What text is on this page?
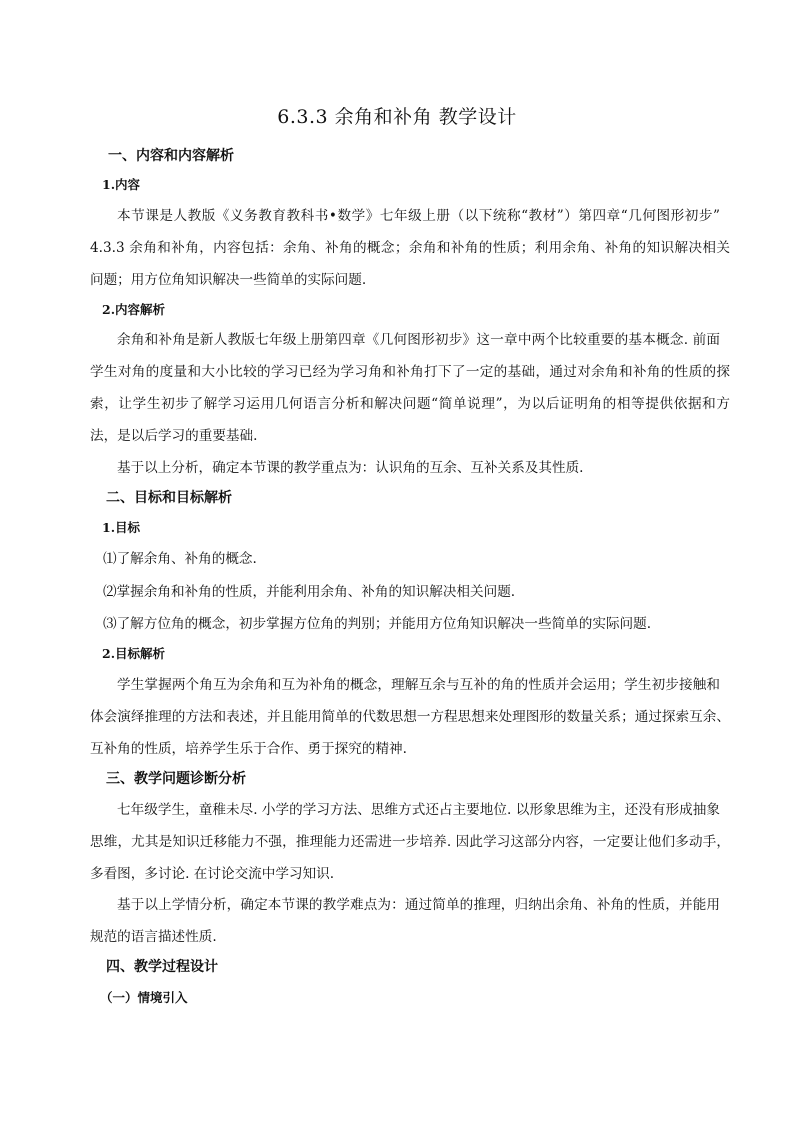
6.3.3 余角和补角 教学设计
一、内容和内容解析
1.内容
本节课是人教版《义务教育教科书•数学》七年级上册（以下统称“教材”）第四章“几何图形初步”
4.3.3 余角和补角，内容包括：余角、补角的概念；余角和补角的性质；利用余角、补角的知识解决相关
问题；用方位角知识解决一些简单的实际问题.
2.内容解析
余角和补角是新人教版七年级上册第四章《几何图形初步》这一章中两个比较重要的基本概念. 前面
学生对角的度量和大小比较的学习已经为学习角和补角打下了一定的基础，通过对余角和补角的性质的探
索，让学生初步了解学习运用几何语言分析和解决问题“简单说理”，为以后证明角的相等提供依据和方
法，是以后学习的重要基础.
基于以上分析，确定本节课的教学重点为：认识角的互余、互补关系及其性质.
二、目标和目标解析
1.目标
⑴了解余角、补角的概念.
⑵掌握余角和补角的性质，并能利用余角、补角的知识解决相关问题.
⑶了解方位角的概念，初步掌握方位角的判别；并能用方位角知识解决一些简单的实际问题.
2.目标解析
学生掌握两个角互为余角和互为补角的概念，理解互余与互补的角的性质并会运用；学生初步接触和
体会演绎推理的方法和表述，并且能用简单的代数思想一方程思想来处理图形的数量关系；通过探索互余、
互补角的性质，培养学生乐于合作、勇于探究的精神.
三、教学问题诊断分析
七年级学生，童稚未尽. 小学的学习方法、思维方式还占主要地位. 以形象思维为主，还没有形成抽象
思维，尤其是知识迁移能力不强，推理能力还需进一步培养. 因此学习这部分内容，一定要让他们多动手，
多看图，多讨论. 在讨论交流中学习知识.
基于以上学情分析，确定本节课的教学难点为：通过简单的推理，归纳出余角、补角的性质，并能用
规范的语言描述性质.
四、教学过程设计
（一）情境引入
